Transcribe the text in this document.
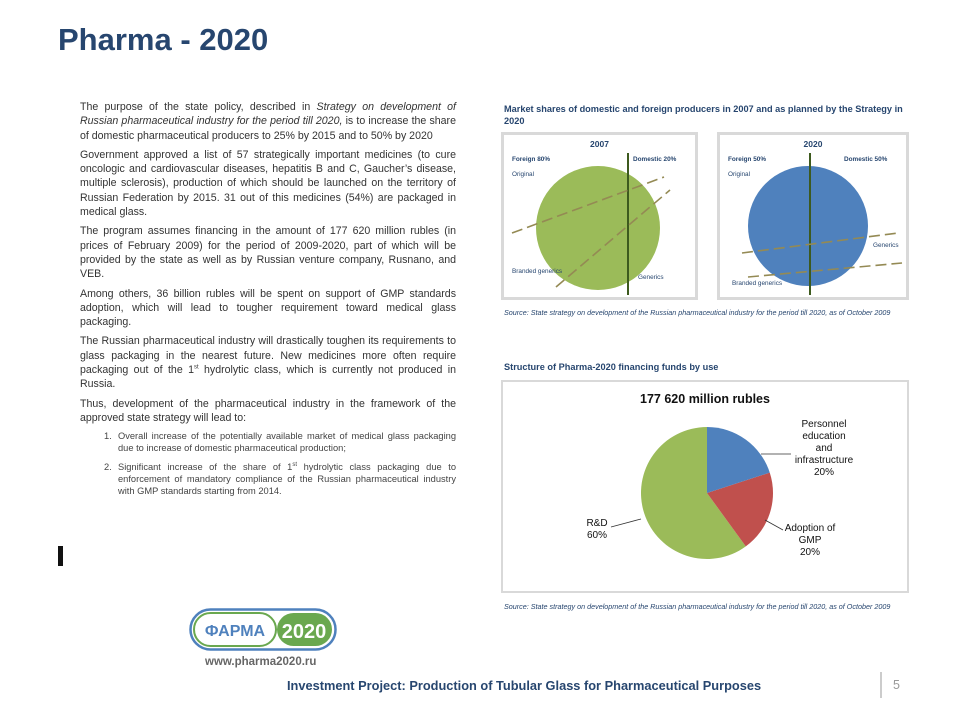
Pharma - 2020
The purpose of the state policy, described in Strategy on development of Russian pharmaceutical industry for the period till 2020, is to increase the share of domestic pharmaceutical producers to 25% by 2015 and to 50% by 2020
Government approved a list of 57 strategically important medicines (to cure oncologic and cardiovascular diseases, hepatitis B and C, Gaucher’s disease, multiple sclerosis), production of which should be launched on the territory of Russian Federation by 2015. 31 out of this medicines (54%) are packaged in medical glass.
The program assumes financing in the amount of 177 620 million rubles (in prices of February 2009) for the period of 2009-2020, part of which will be provided by the state as well as by Russian venture company, Rusnano, and VEB.
Among others, 36 billion rubles will be spent on support of GMP standards adoption, which will lead to tougher requirement toward medical glass packaging.
The Russian pharmaceutical industry will drastically toughen its requirements to glass packaging in the nearest future. New medicines more often require packaging out of the 1st hydrolytic class, which is currently not produced in Russia.
Thus, development of the pharmaceutical industry in the framework of the approved state strategy will lead to:
1. Overall increase of the potentially available market of medical glass packaging due to increase of domestic pharmaceutical production;
2. Significant increase of the share of 1st hydrolytic class packaging due to enforcement of mandatory compliance of the Russian pharmaceutical industry with GMP standards starting from 2014.
Market shares of domestic and foreign producers in 2007 and as planned by the Strategy in 2020
2007
Foreign 80%	Domestic 20%
Original
Branded generics
Generics
2020
Foreign 50%	Domestic 50%
Original
Branded generics
Generics
Source: State strategy on development of the Russian pharmaceutical industry for the period till 2020, as of October 2009
Structure of Pharma-2020 financing funds by use
177 620 million rubles
Personnel
education
and
infrastructure
20%
Adoption of
GMP
20%
R&D
60%
Source: State strategy on development of the Russian pharmaceutical industry for the period till 2020, as of October 2009
ФАРМА 2020
www.pharma2020.ru
Investment Project: Production of Tubular Glass for Pharmaceutical Purposes	5
